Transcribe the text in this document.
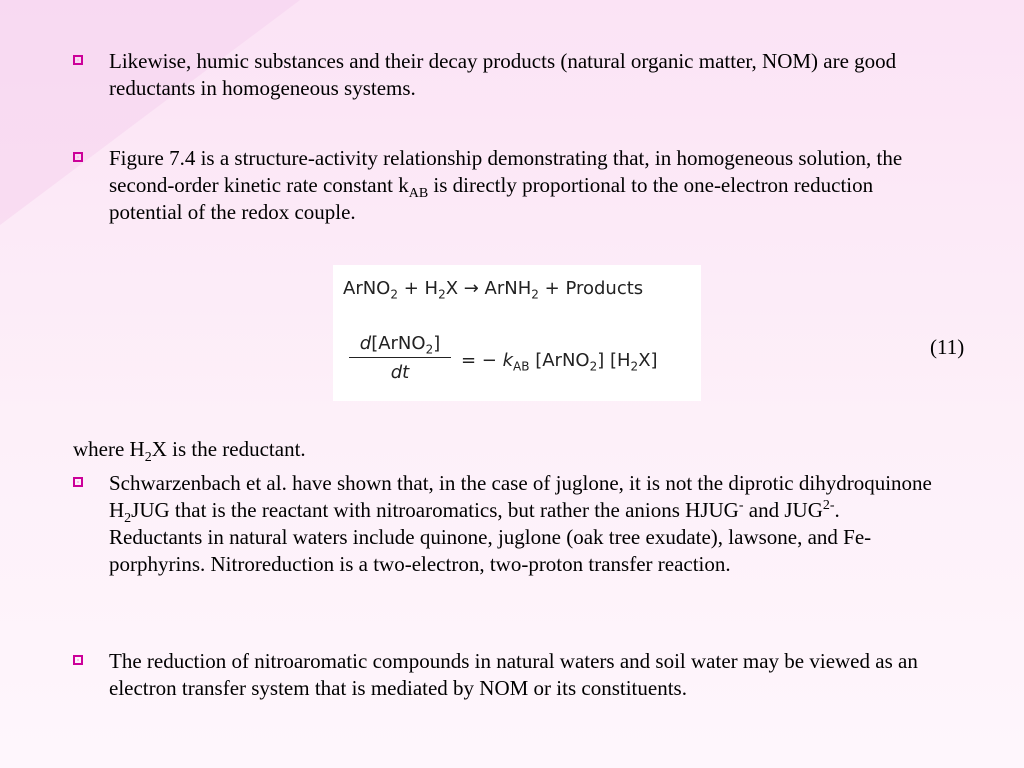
Likewise, humic substances and their decay products (natural organic matter, NOM) are good reductants in homogeneous systems.
Figure 7.4 is a structure-activity relationship demonstrating that, in homogeneous solution, the second-order kinetic rate constant $k_{AB}$ is directly proportional to the one-electron reduction potential of the redox couple.
ArNO$_2$ + $H_2X$ → ArNH$_2$ + Products
d[ArNO$_2$]
dt
= − $k_{AB}$ [ArNO$_2$] $[H_2X]$
(11)
where $H_2X$ is the reductant.
Schwarzenbach et al. have shown that, in the case of juglone, it is not the diprotic dihydroquinone $H_2JUG$ that is the reactant with nitroaromatics, but rather the anions HJUG- and $JUG^{2-}$. Reductants in natural waters include quinone, juglone (oak tree exudate), lawsone, and Fe-porphyrins. Nitroreduction is a two-electron, two-proton transfer reaction.
The reduction of nitroaromatic compounds in natural waters and soil water may be viewed as an electron transfer system that is mediated by NOM or its constituents.
